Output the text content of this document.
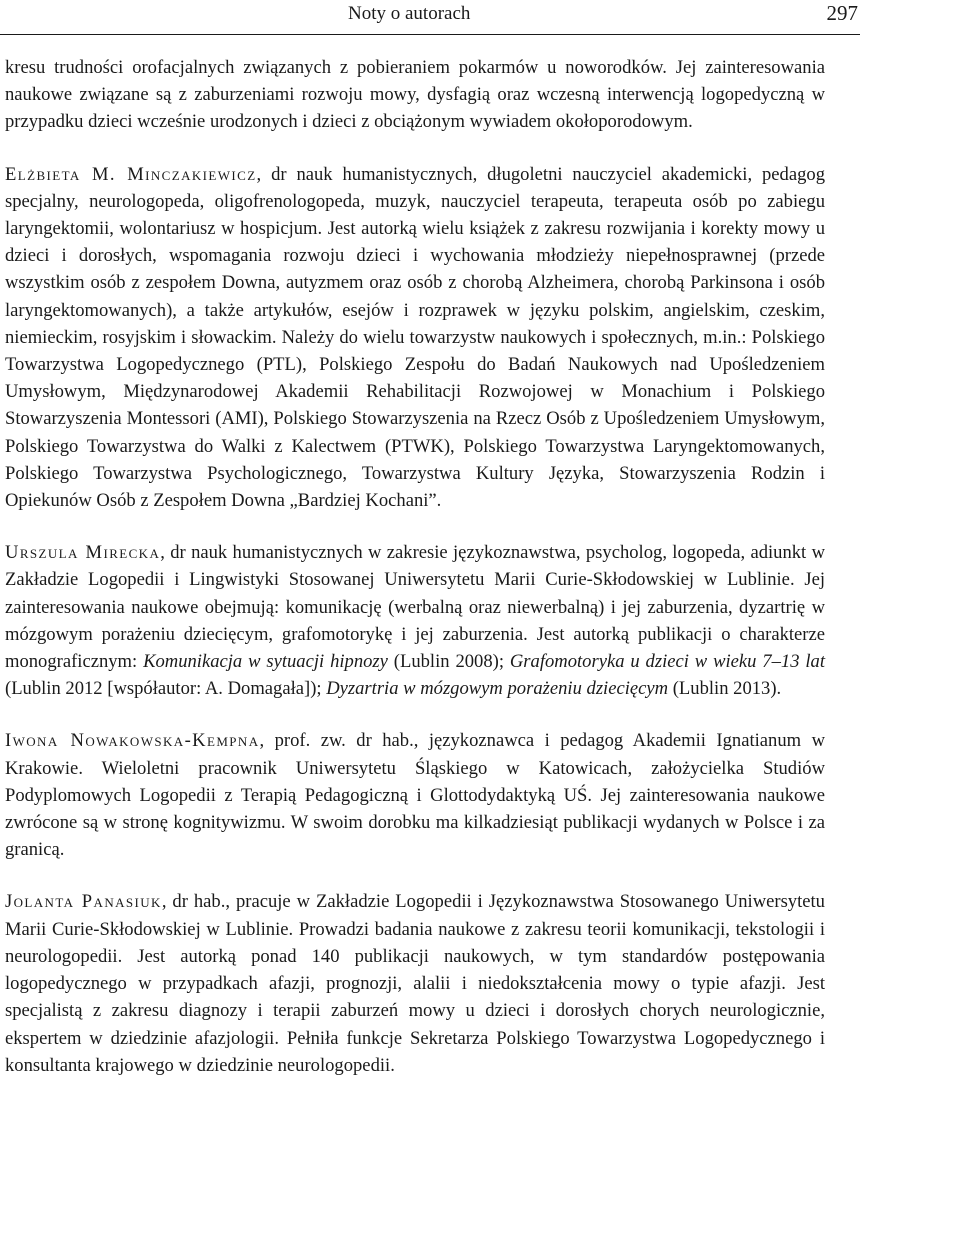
Noty o autorach	297

kresu trudności orofacjalnych związanych z pobieraniem pokarmów u noworodków. Jej zainteresowania naukowe związane są z zaburzeniami rozwoju mowy, dysfagią oraz wczesną interwencją logopedyczną w przypadku dzieci wcześnie urodzonych i dzieci z obciążonym wywiadem okołoporodowym.

Elżbieta M. Minczakiewicz, dr nauk humanistycznych, długoletni nauczyciel akademicki, pedagog specjalny, neurologopeda, oligofrenologopeda, muzyk, nauczyciel terapeuta, terapeuta osób po zabiegu laryngektomii, wolontariusz w hospicjum. Jest autorką wielu książek z zakresu rozwijania i korekty mowy u dzieci i dorosłych, wspomagania rozwoju dzieci i wychowania młodzieży niepełnosprawnej (przede wszystkim osób z zespołem Downa, autyzmem oraz osób z chorobą Alzheimera, chorobą Parkinsona i osób laryngektomowanych), a także artykułów, esejów i rozprawek w języku polskim, angielskim, czeskim, niemieckim, rosyjskim i słowackim. Należy do wielu towarzystw naukowych i społecznych, m.in.: Polskiego Towarzystwa Logopedycznego (PTL), Polskiego Zespołu do Badań Naukowych nad Upośledzeniem Umysłowym, Międzynarodowej Akademii Rehabilitacji Rozwojowej w Monachium i Polskiego Stowarzyszenia Montessori (AMI), Polskiego Stowarzyszenia na Rzecz Osób z Upośledzeniem Umysłowym, Polskiego Towarzystwa do Walki z Kalectwem (PTWK), Polskiego Towarzystwa Laryngektomowanych, Polskiego Towarzystwa Psychologicznego, Towarzystwa Kultury Języka, Stowarzyszenia Rodzin i Opiekunów Osób z Zespołem Downa „Bardziej Kochani”.

Urszula Mirecka, dr nauk humanistycznych w zakresie językoznawstwa, psycholog, logopeda, adiunkt w Zakładzie Logopedii i Lingwistyki Stosowanej Uniwersytetu Marii Curie-Skłodowskiej w Lublinie. Jej zainteresowania naukowe obejmują: komunikację (werbalną oraz niewerbalną) i jej zaburzenia, dyzartrię w mózgowym porażeniu dziecięcym, grafomotorykę i jej zaburzenia. Jest autorką publikacji o charakterze monograficznym: Komunikacja w sytuacji hipnozy (Lublin 2008); Grafomotoryka u dzieci w wieku 7–13 lat (Lublin 2012 [współautor: A. Domagała]); Dyzartria w mózgowym porażeniu dziecięcym (Lublin 2013).

Iwona Nowakowska-Kempna, prof. zw. dr hab., językoznawca i pedagog Akademii Ignatianum w Krakowie. Wieloletni pracownik Uniwersytetu Śląskiego w Katowicach, założycielka Studiów Podyplomowych Logopedii z Terapią Pedagogiczną i Glottodydaktyką UŚ. Jej zainteresowania naukowe zwrócone są w stronę kognitywizmu. W swoim dorobku ma kilkadziesiąt publikacji wydanych w Polsce i za granicą.

Jolanta Panasiuk, dr hab., pracuje w Zakładzie Logopedii i Językoznawstwa Stosowanego Uniwersytetu Marii Curie-Skłodowskiej w Lublinie. Prowadzi badania naukowe z zakresu teorii komunikacji, tekstologii i neurologopedii. Jest autorką ponad 140 publikacji naukowych, w tym standardów postępowania logopedycznego w przypadkach afazji, prognozji, alalii i niedokształcenia mowy o typie afazji. Jest specjalistą z zakresu diagnozy i terapii zaburzeń mowy u dzieci i dorosłych chorych neurologicznie, ekspertem w dziedzinie afazjologii. Pełniła funkcje Sekretarza Polskiego Towarzystwa Logopedycznego i konsultanta krajowego w dziedzinie neurologopedii.
